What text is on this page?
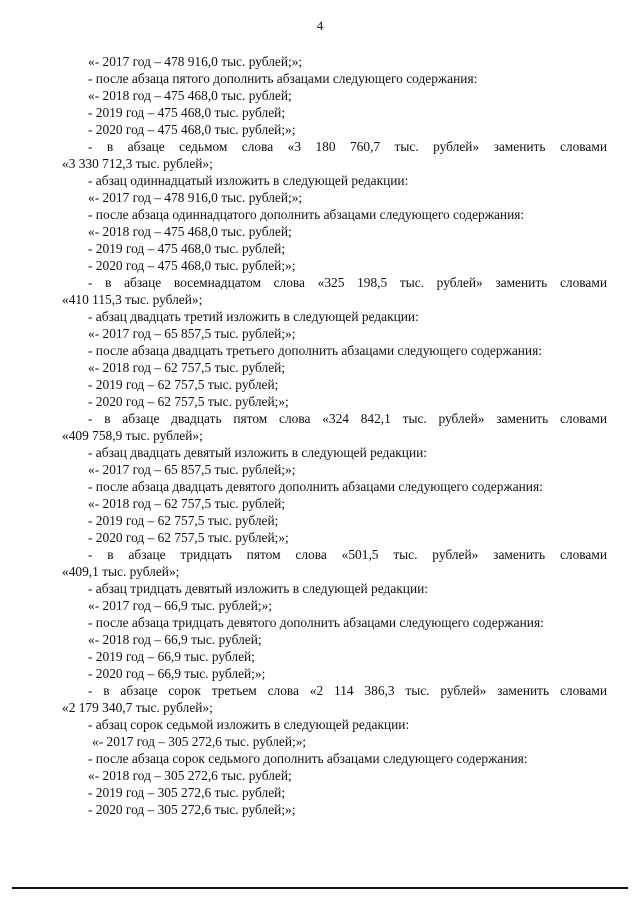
4
«- 2017 год – 478 916,0 тыс. рублей;»;
- после абзаца пятого дополнить абзацами следующего содержания:
«- 2018 год – 475 468,0 тыс. рублей;
- 2019 год – 475 468,0 тыс. рублей;
- 2020 год – 475 468,0 тыс. рублей;»;
- в абзаце седьмом слова «3 180 760,7 тыс. рублей» заменить словами
«3 330 712,3 тыс. рублей»;
- абзац одиннадцатый изложить в следующей редакции:
«- 2017 год – 478 916,0 тыс. рублей;»;
- после абзаца одиннадцатого дополнить абзацами следующего содержания:
«- 2018 год – 475 468,0 тыс. рублей;
- 2019 год – 475 468,0 тыс. рублей;
- 2020 год – 475 468,0 тыс. рублей;»;
- в абзаце восемнадцатом слова «325 198,5 тыс. рублей» заменить словами
«410 115,3 тыс. рублей»;
- абзац двадцать третий изложить в следующей редакции:
«- 2017 год – 65 857,5 тыс. рублей;»;
- после абзаца двадцать третьего дополнить абзацами следующего содержания:
«- 2018 год – 62 757,5 тыс. рублей;
- 2019 год – 62 757,5 тыс. рублей;
- 2020 год – 62 757,5 тыс. рублей;»;
- в абзаце двадцать пятом слова «324 842,1 тыс. рублей» заменить словами
«409 758,9 тыс. рублей»;
- абзац двадцать девятый изложить в следующей редакции:
«- 2017 год – 65 857,5 тыс. рублей;»;
- после абзаца двадцать девятого дополнить абзацами следующего содержания:
«- 2018 год – 62 757,5 тыс. рублей;
- 2019 год – 62 757,5 тыс. рублей;
- 2020 год – 62 757,5 тыс. рублей;»;
- в абзаце тридцать пятом слова «501,5 тыс. рублей» заменить словами
«409,1 тыс. рублей»;
- абзац тридцать девятый изложить в следующей редакции:
«- 2017 год – 66,9 тыс. рублей;»;
- после абзаца тридцать девятого дополнить абзацами следующего содержания:
«- 2018 год – 66,9 тыс. рублей;
- 2019 год – 66,9 тыс. рублей;
- 2020 год – 66,9 тыс. рублей;»;
- в абзаце сорок третьем слова «2 114 386,3 тыс. рублей» заменить словами
«2 179 340,7 тыс. рублей»;
- абзац сорок седьмой изложить в следующей редакции:
«- 2017 год – 305 272,6 тыс. рублей;»;
- после абзаца сорок седьмого дополнить абзацами следующего содержания:
«- 2018 год – 305 272,6 тыс. рублей;
- 2019 год – 305 272,6 тыс. рублей;
- 2020 год – 305 272,6 тыс. рублей;»;
